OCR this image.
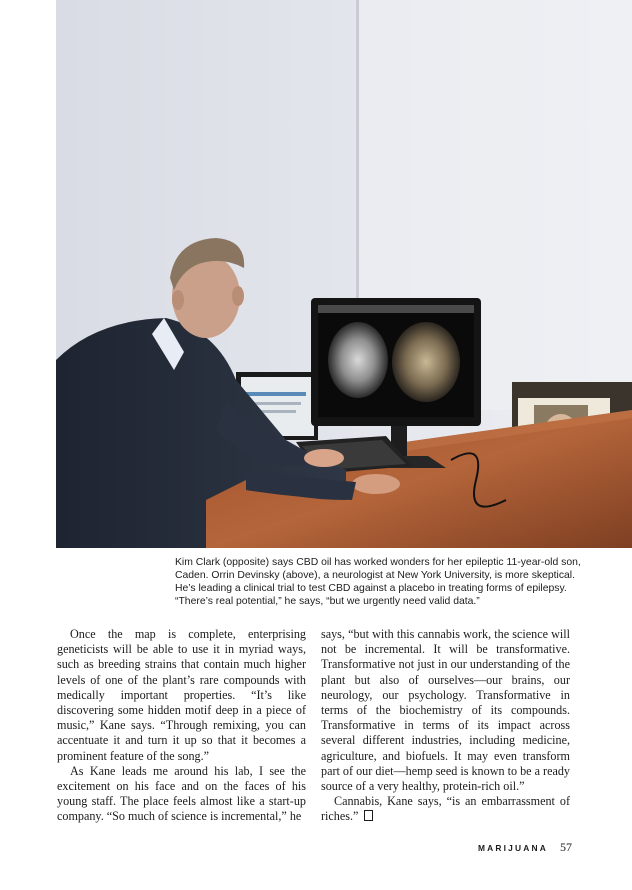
Kim Clark (opposite) says CBD oil has worked wonders for her epileptic 11-year-old son, Caden. Orrin Devinsky (above), a neurologist at New York University, is more skeptical. He’s leading a clinical trial to test CBD against a placebo in treating forms of epilepsy. “There’s real potential,” he says, “but we urgently need valid data.”

Once the map is complete, enterprising geneticists will be able to use it in myriad ways, such as breeding strains that contain much higher levels of one of the plant’s rare compounds with medically important properties. “It’s like discovering some hidden motif deep in a piece of music,” Kane says. “Through remixing, you can accentuate it and turn it up so that it becomes a prominent feature of the song.”

As Kane leads me around his lab, I see the excitement on his face and on the faces of his young staff. The place feels almost like a start-up company. “So much of science is incremental,” he

says, “but with this cannabis work, the science will not be incremental. It will be transformative. Transformative not just in our understanding of the plant but also of ourselves—our brains, our neurology, our psychology. Transformative in terms of the biochemistry of its compounds. Transformative in terms of its impact across several different industries, including medicine, agriculture, and biofuels. It may even transform part of our diet—hemp seed is known to be a ready source of a very healthy, protein-rich oil.”

Cannabis, Kane says, “is an embarrassment of riches.”

MARIJUANA 57
